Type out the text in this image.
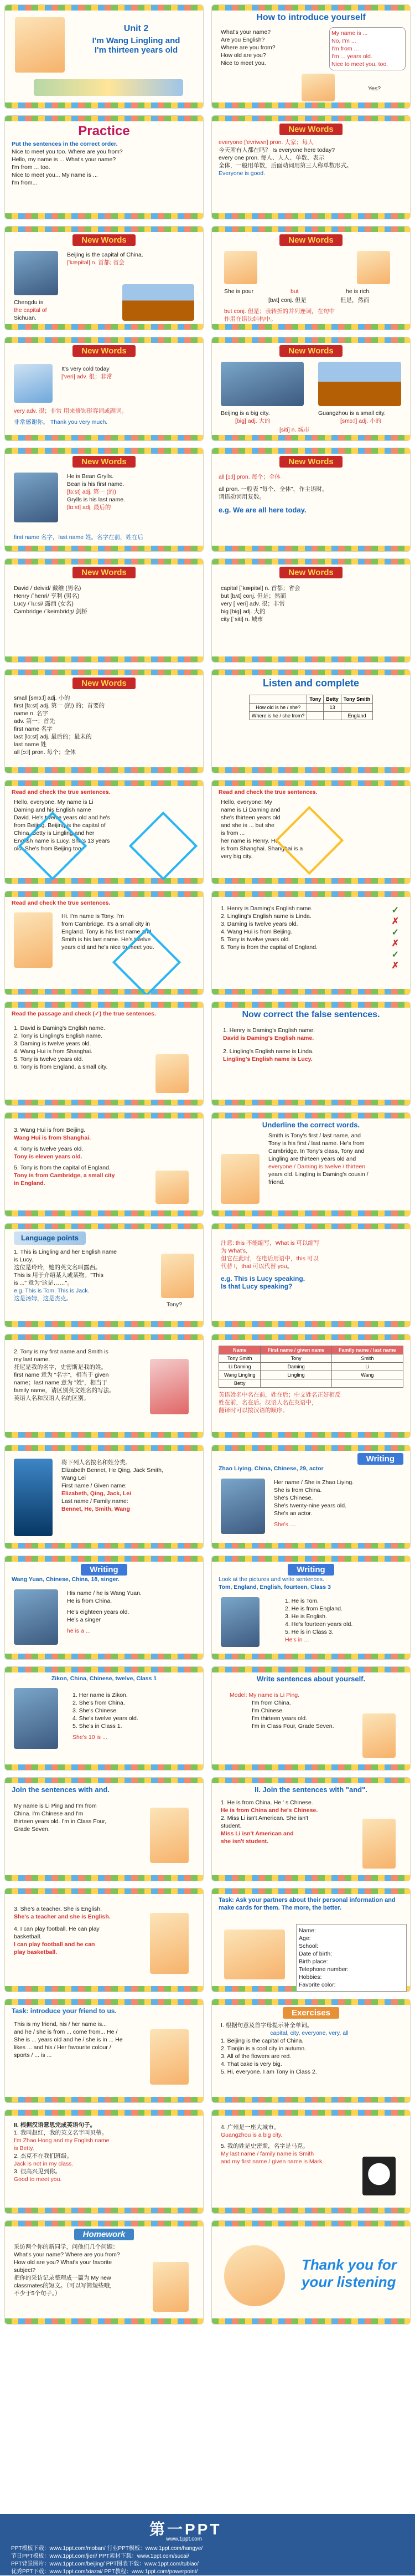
Unit 2
I'm Wang Lingling and
I'm thirteen years old
How to introduce yourself
What's your name?
Are you English?
Where are you from?
How old are you?
Nice to meet you.
My name is ...
No, I'm ...
I'm from ...
I'm ... years old.
Nice to meet you, too.
Yes?
Practice
Put the sentences in the correct order.
Nice to meet you too. Where are you from?
Hello, my name is ... What's your name?
I'm from ... too.
Nice to meet you... My name is ...
I'm from...
New Words
everyone ['evriwʌn] pron. 大家；每人
今天所有人都在吗？ Is everyone here today?
every one pron. 每人、人人、单数、表示
全体，一般用单数，后面动词用第三人称单数形式。
Everyone is good.
New Words
Beijing is the capital of China.
['kæpitəl] n. 首都; 省会
Chengdu is
the capital of
Sichuan.
New Words
She is pour	but	he is rich.
[bʌt] conj. 但是	但是，然而
but conj. 但是；表转折的并列连词，在句中
作用在语法结构中。
New Words
It's very cold today
['veri] adv. 很；非常
very adv. 很；非常 用来修饰形容词或副词。
非常感谢你。 Thank you very much.
New Words
Beijing is a big city.
[big] adj. 大的
Guangzhou is a small city.
[smɔ:l] adj. 小的
[siti] n. 城市
New Words
He is Bean Grylls.
Bean is his first name.
[fɜ:st] adj. 第一 (的)
Grylls is his last name.
[lɑ:st] adj. 最后的
first name 名字，last name 姓。名字在前，姓在后
New Words
all [ɔ:l] pron. 每个；全体
all pron. 一般表 "每个、全体"，作主语时，
谓语动词用复数。
e.g. We are all here today.
New Words
David /ˈdeivid/ 戴维 (男名)
Henry /ˈhenri/ 亨利 (男名)
Lucy /ˈlu:si/ 露西 (女名)
Cambridge /ˈkeimbridʒ/ 剑桥
New Words
capital [ˈkæpitəl] n. 首都；省会
but [bʌt] conj. 但是；然而
very [ˈveri] adv. 很；非常
big [big] adj. 大的
city [ˈsiti] n. 城市
New Words
small [smɔ:l] adj. 小的
first [fɜ:st] adj. 第一 (的) 的；首要的
name n. 名字
adv. 第一；首先
first name 名字
last [lɑ:st] adj. 最后的；最末的
last name 姓
all [ɔ:l] pron. 每个；全体
Listen and complete
	Tony	Betty	Tony Smith
How old is he / she?		13	
Where is he / she from?			England
Read and check the true sentences.
Hello, everyone. My name is Li
Daming and his English name
David. He's twelve years old and he's
from Beijing. Beijing is the capital of
China. Betty is Lingling and her
English name is Lucy. She's 13 years
old. She's from Beijing too.
Read and check the true sentences.
Hello, everyone! My
name is Li Daming and
she's thirteen years old
and she is ... but she
is from ...
her name is Henry. He
is from Shanghai. Shanghai is a
very big city.
Read and check the true sentences.
Hi. I'm name is Tony. I'm
from Cambridge. It's a small city in
England. Tony is his first name and
Smith is his last name. He's twelve
years old and he's nice to meet you.
1. Henry is Daming's English name.
2. Lingling's English name is Linda.
3. Daming is twelve years old.
4. Wang Hui is from Beijing.
5. Tony is twelve years old.
6. Tony is from the capital of England.
✓
✗
✓
✗
✓
✗
Read the passage and check (✓) the true sentences.
1. David is Daming's English name.
2. Tony is Lingling's English name.
3. Daming is twelve years old.
4. Wang Hui is from Shanghai.
5. Tony is twelve years old.
6. Tony is from England, a small city.
Now correct the false sentences.
1. Henry is Daming's English name.
David is Daming's English name.
2. Lingling's English name is Linda.
Lingling's English name is Lucy.
3. Wang Hui is from Beijing.
Wang Hui is from Shanghai.
4. Tony is twelve years old.
Tony is eleven years old.
5. Tony is from the capital of England.
Tony is from Cambridge, a small city
in England.
Underline the correct words.
Smith is Tony's first / last name, and
Tony is his first / last name. He's from
Cambridge. In Tony's class, Tony and
Lingling are thirteen years old and
everyone / Daming is twelve / thirteen
years old. Lingling is Daming's cousin /
friend.
Language points
1. This is Lingling and her English name
is Lucy.
这位是玲玲，她的英文名叫露西。
This is 用于介绍某人或某物。"This
is ..." 意为"这是……"。
e.g. This is Tom. This is Jack.
这是汤姆，这是杰克。
Tony?
注意: this 不能缩写，What is 可以缩写
为 What's，
但它在此时，在电话用语中，this 可以
代替 I，that 可以代替 you。
e.g. This is Lucy speaking.
Is that Lucy speaking?
2. Tony is my first name and Smith is
my last name.
托尼是我的名字，史密斯是我的姓。
first name 意为 "名字"，相当于 given
name；last name 意为 "姓"，相当于
family name，请区别英文姓名的写法。
英语人名和汉语人名的区别。
Name	First name / given name	Family name / last name
Tony Smith	Tony	Smith
Li Daming	Daming	Li
Wang Lingling	Lingling	Wang
Betty		
英语姓名中名在前，姓在后；中文姓名正好相反
姓在前，名在后。汉语人名在英语中，
翻译时可以按汉语的顺序。
将下列人名按名和姓分类。
Elizabeth Bennet, He Qing, Jack Smith,
Wang Lei
First name / Given name:
Elizabeth, Qing, Jack, Lei
Last name / Family name:
Bennet, He, Smith, Wang
Writing
Zhao Liying, China, Chinese, 29, actor
Her name / She is Zhao Liying.
She is from China.
She's Chinese.
She's twenty-nine years old.
She's an actor.
She's ....
Writing
Wang Yuan, Chinese, China, 18, singer.
His name / he is Wang Yuan.
He is from China.
He's eighteen years old.
He's a singer
he is a ...
Writing
Look at the pictures and write sentences.
Tom, England, English, fourteen, Class 3
1. He is Tom.
2. He is from England.
3. He is English.
4. He's fourteen years old.
5. He is in Class 3.
He's in ...
Zikon, China, Chinese, twelve, Class 1
1. Her name is Zikon.
2. She's from China.
3. She's Chinese.
4. She's twelve years old.
5. She's in Class 1.
She's 10 is ...
Write sentences about yourself.
Model: My name is Li Ping.
I'm from China.
I'm Chinese.
I'm thirteen years old.
I'm in Class Four, Grade Seven.
Join the sentences with and.
My name is Li Ping and I'm from
China. I'm Chinese and I'm
thirteen years old. I'm in Class Four,
Grade Seven.
II. Join the sentences with "and".
1. He is from China. He ' s Chinese.
He is from China and he's Chinese.
2. Miss Li isn't American. She isn't
student.
Miss Li isn't American and
she isn't student.
3. She's a teacher. She is English.
She's a teacher and she is English.
4. I can play football. He can play
basketball.
I can play football and he can
play basketball.
Task: Ask your partners about their personal information and make cards for them. The more, the better.
Name:
Age:
School:
Date of birth:
Birth place:
Telephone number:
Hobbies:
Favorite color:
Task: introduce your friend to us.
This is my friend, his / her name is...
and he / she is from ... come from... He /
She is ... years old and he / she is in ... He
likes ... and his / Her favourite colour /
sports / ... is ...
Exercises
I. 根据句意及首字母提示补全单词。
capital, city, everyone, very, all
1. Beijing is the capital of China.
2. Tianjin is a cool city in autumn.
3. All of the flowers are red.
4. That cake is very big.
5. Hi, everyone. I am Tony in Class 2.
II. 根据汉语意思完成英语句子。
1. 我叫赵红，我的英文名字叫贝蒂。
I'm Zhao Hong and my English name
is Betty.
2. 杰克不在我们班级。
Jack is not in my class.
3. 很高兴见到你。
Good to meet you.
4. 广州是一座大城市。
Guangzhou is a big city.
5. 我的姓是史密斯，名字是马克。
My last name / family name is Smith
and my first name / given name is Mark.
Homework
采访两个你的新同学，问他们几个问题：
What's your name? Where are you from?
How old are you? What's your favorite
subject?
把你的采访记录整理成一篇为 My new
classmates的短文。（可以写简短些哦，
不少于5个句子。）
Thank you for
your listening
第一PPT
www.1ppt.com
PPT模板下载：www.1ppt.com/moban/ 行业PPT模板：www.1ppt.com/hangye/
节日PPT模板：www.1ppt.com/jieri/ PPT素材下载：www.1ppt.com/sucai/
PPT背景图片：www.1ppt.com/beijing/ PPT图表下载：www.1ppt.com/tubiao/
优秀PPT下载：www.1ppt.com/xiazai/ PPT教程：www.1ppt.com/powerpoint/
